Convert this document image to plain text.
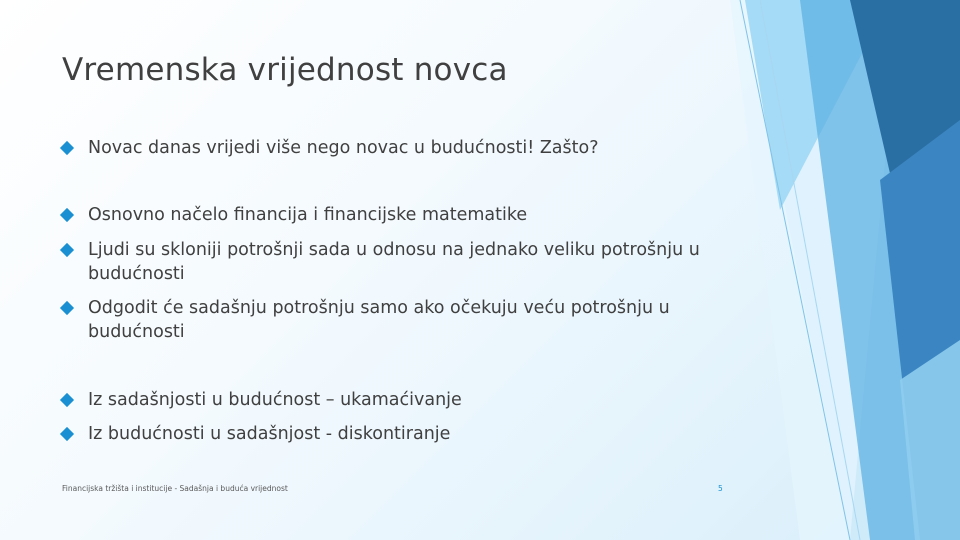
Vremenska vrijednost novca
Novac danas vrijedi više nego novac u budućnosti! Zašto?
Osnovno načelo financija i financijske matematike
Ljudi su skloniji potrošnji sada u odnosu na jednako veliku potrošnju u budućnosti
Odgodit će sadašnju potrošnju samo ako očekuju veću potrošnju u budućnosti
Iz sadašnjosti u budućnost – ukamaćivanje
Iz budućnosti u sadašnjost - diskontiranje
Financijska tržišta i institucije - Sadašnja i buduća vrijednost	5
